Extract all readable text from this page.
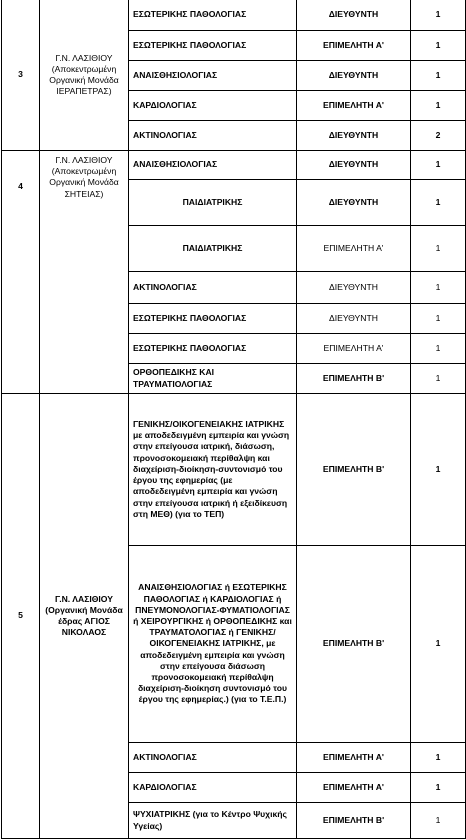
3	Γ.Ν. ΛΑΣΙΘΙΟΥ (Αποκεντρωμένη Οργανική Μονάδα ΙΕΡΑΠΕΤΡΑΣ)	ΕΣΩΤΕΡΙΚΗΣ ΠΑΘΟΛΟΓΙΑΣ	ΔΙΕΥΘΥΝΤΗ	1
		ΕΣΩΤΕΡΙΚΗΣ ΠΑΘΟΛΟΓΙΑΣ	ΕΠΙΜΕΛΗΤΗ Α'	1
		ΑΝΑΙΣΘΗΣΙΟΛΟΓΙΑΣ	ΔΙΕΥΘΥΝΤΗ	1
		ΚΑΡΔΙΟΛΟΓΙΑΣ	ΕΠΙΜΕΛΗΤΗ Α'	1
		ΑΚΤΙΝΟΛΟΓΙΑΣ	ΔΙΕΥΘΥΝΤΗ	2
4	Γ.Ν. ΛΑΣΙΘΙΟΥ (Αποκεντρωμένη Οργανική Μονάδα ΣΗΤΕΙΑΣ)	ΑΝΑΙΣΘΗΣΙΟΛΟΓΙΑΣ	ΔΙΕΥΘΥΝΤΗ	1
		ΠΑΙΔΙΑΤΡΙΚΗΣ	ΔΙΕΥΘΥΝΤΗ	1
		ΠΑΙΔΙΑΤΡΙΚΗΣ	ΕΠΙΜΕΛΗΤΗ Α'	1
		ΑΚΤΙΝΟΛΟΓΙΑΣ	ΔΙΕΥΘΥΝΤΗ	1
		ΕΣΩΤΕΡΙΚΗΣ ΠΑΘΟΛΟΓΙΑΣ	ΔΙΕΥΘΥΝΤΗ	1
		ΕΣΩΤΕΡΙΚΗΣ ΠΑΘΟΛΟΓΙΑΣ	ΕΠΙΜΕΛΗΤΗ Α'	1
		ΟΡΘΟΠΕΔΙΚΗΣ ΚΑΙ ΤΡΑΥΜΑΤΙΟΛΟΓΙΑΣ	ΕΠΙΜΕΛΗΤΗ Β'	1
5	Γ.Ν. ΛΑΣΙΘΙΟΥ (Οργανική Μονάδα έδρας ΑΓΙΟΣ ΝΙΚΟΛΑΟΣ	ΓΕΝΙΚΗΣ/ΟΙΚΟΓΕΝΕΙΑΚΗΣ ΙΑΤΡΙΚΗΣ με αποδεδειγμένη εμπειρία και γνώση στην επείγουσα ιατρική, διάσωση, προνοσοκομειακή περίθαλψη και διαχείριση-διοίκηση-συντονισμό του έργου της εφημερίας (με αποδεδειγμένη εμπειρία και γνώση στην επείγουσα ιατρική ή εξειδίκευση στη ΜΕΘ) (για το ΤΕΠ)	ΕΠΙΜΕΛΗΤΗ Β'	1
		ΑΝΑΙΣΘΗΣΙΟΛΟΓΙΑΣ ή ΕΣΩΤΕΡΙΚΗΣ ΠΑΘΟΛΟΓΙΑΣ ή ΚΑΡΔΙΟΛΟΓΙΑΣ ή ΠΝΕΥΜΟΝΟΛΟΓΙΑΣ-ΦΥΜΑΤΙΟΛΟΓΙΑΣ ή ΧΕΙΡΟΥΡΓΙΚΗΣ ή ΟΡΘΟΠΕΔΙΚΗΣ και ΤΡΑΥΜΑΤΟΛΟΓΙΑΣ ή ΓΕΝΙΚΗΣ/ΟΙΚΟΓΕΝΕΙΑΚΗΣ ΙΑΤΡΙΚΗΣ, με αποδεδειγμένη εμπειρία και γνώση στην επείγουσα διάσωση προνοσοκομειακή περίθαλψη διαχείριση-διοίκηση συντονισμό του έργου της εφημερίας.) (για το Τ.Ε.Π.)	ΕΠΙΜΕΛΗΤΗ Β'	1
		ΑΚΤΙΝΟΛΟΓΙΑΣ	ΕΠΙΜΕΛΗΤΗ Α'	1
		ΚΑΡΔΙΟΛΟΓΙΑΣ	ΕΠΙΜΕΛΗΤΗ Α'	1
		ΨΥΧΙΑΤΡΙΚΗΣ (για το Κέντρο Ψυχικής Υγείας)	ΕΠΙΜΕΛΗΤΗ Β'	1
